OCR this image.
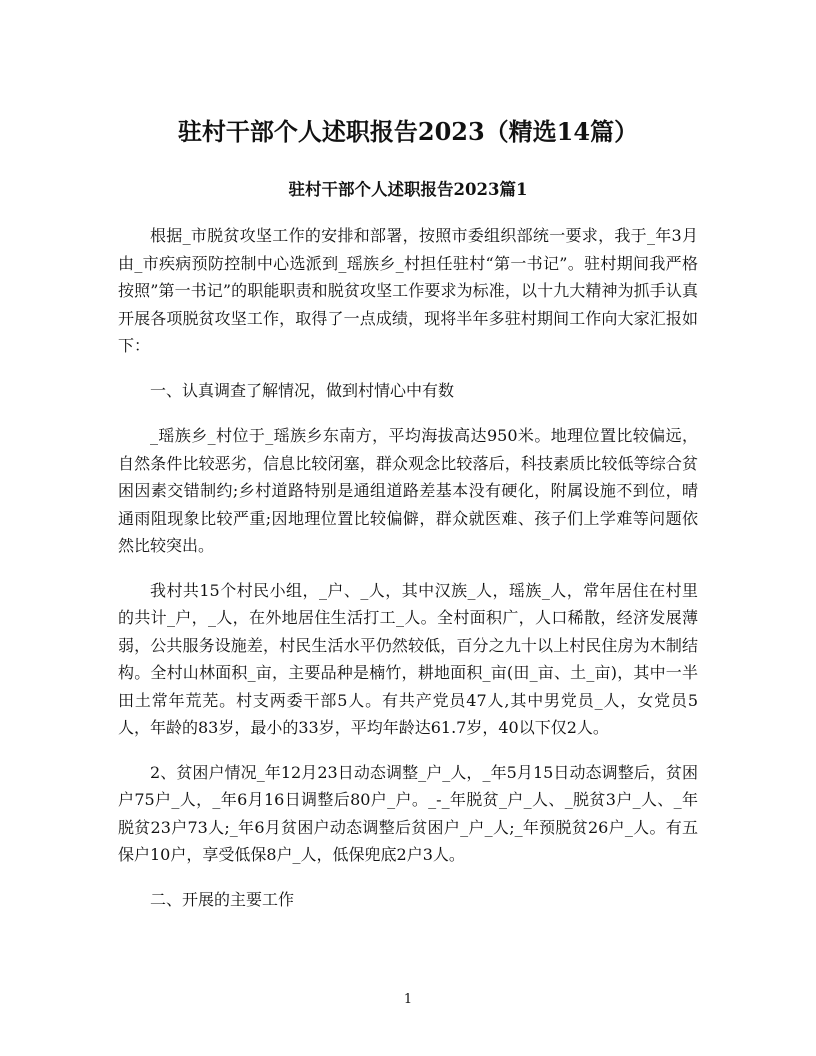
驻村干部个人述职报告2023（精选14篇）
驻村干部个人述职报告2023篇1

根据_市脱贫攻坚工作的安排和部署，按照市委组织部统一要求，我于_年3月由_市疾病预防控制中心选派到_瑶族乡_村担任驻村“第一书记”。驻村期间我严格按照”第一书记”的职能职责和脱贫攻坚工作要求为标准，以十九大精神为抓手认真开展各项脱贫攻坚工作，取得了一点成绩，现将半年多驻村期间工作向大家汇报如下：

一、认真调查了解情况，做到村情心中有数

_瑶族乡_村位于_瑶族乡东南方，平均海拔高达950米。地理位置比较偏远，自然条件比较恶劣，信息比较闭塞，群众观念比较落后，科技素质比较低等综合贫困因素交错制约;乡村道路特别是通组道路差基本没有硬化，附属设施不到位，晴通雨阻现象比较严重;因地理位置比较偏僻，群众就医难、孩子们上学难等问题依然比较突出。

我村共15个村民小组，_户、_人，其中汉族_人，瑶族_人，常年居住在村里的共计_户，_人，在外地居住生活打工_人。全村面积广，人口稀散，经济发展薄弱，公共服务设施差，村民生活水平仍然较低，百分之九十以上村民住房为木制结构。全村山林面积_亩，主要品种是楠竹，耕地面积_亩(田_亩、土_亩)，其中一半田土常年荒芜。村支两委干部5人。有共产党员47人,其中男党员_人，女党员5人，年龄的83岁，最小的33岁，平均年龄达61.7岁，40以下仅2人。

2、贫困户情况_年12月23日动态调整_户_人，_年5月15日动态调整后，贫困户75户_人，_年6月16日调整后80户_户。_-_年脱贫_户_人、_脱贫3户_人、_年脱贫23户73人;_年6月贫困户动态调整后贫困户_户_人;_年预脱贫26户_人。有五保户10户，享受低保8户_人，低保兜底2户3人。

二、开展的主要工作

1
